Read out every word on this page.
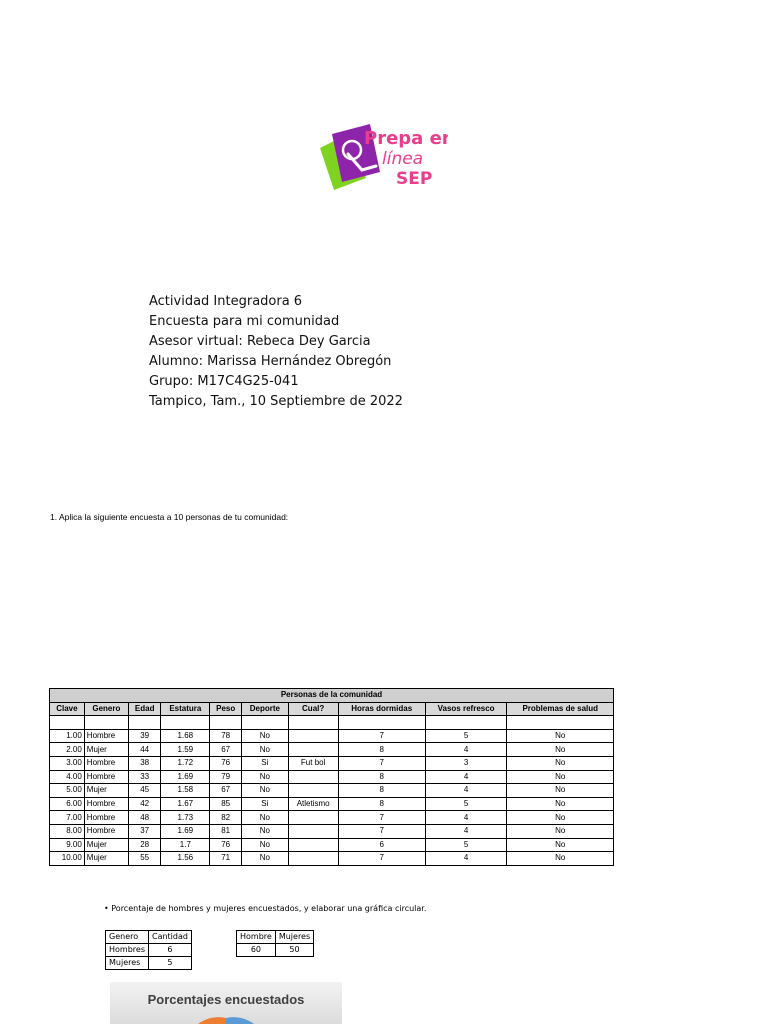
Prepa en
línea
SEP
Actividad Integradora 6
Encuesta para mi comunidad
Asesor virtual: Rebeca Dey Garcia
Alumno: Marissa Hernández Obregón
Grupo: M17C4G25-041
Tampico, Tam., 10 Septiembre de 2022
1. Aplica la siguiente encuesta a 10 personas de tu comunidad:
Personas de la comunidad									
Clave	Genero	Edad	Estatura	Peso	Deporte	Cual?	Horas dormidas	Vasos refresco	Problemas de salud

1.00	Hombre	39	1.68	78	No		7	5	No
2.00	Mujer	44	1.59	67	No		8	4	No
3.00	Hombre	38	1.72	76	Si	Fut bol	7	3	No
4.00	Hombre	33	1.69	79	No		8	4	No
5.00	Mujer	45	1.58	67	No		8	4	No
6.00	Hombre	42	1.67	85	Si	Atletismo	8	5	No
7.00	Hombre	48	1.73	82	No		7	4	No
8.00	Hombre	37	1.69	81	No		7	4	No
9.00	Mujer	28	1.7	76	No		6	5	No
10.00	Mujer	55	1.56	71	No		7	4	No
• Porcentaje de hombres y mujeres encuestados, y elaborar una gráfica circular.
Genero	Cantidad
Hombres	6
Mujeres	5
Hombre	Mujeres
60	50
Porcentajes encuestados
